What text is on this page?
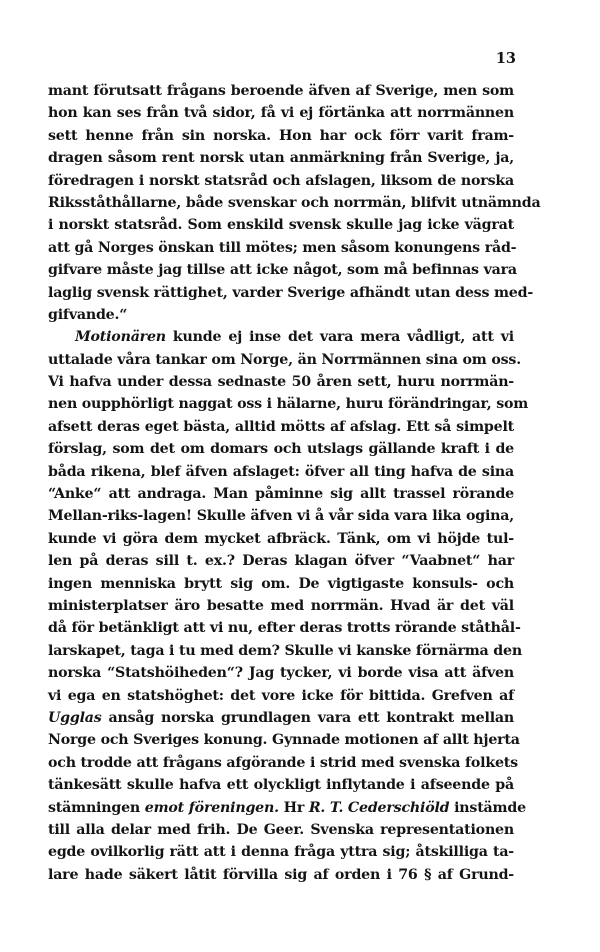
13
mant förutsatt frågans beroende äfven af Sverige, men som
hon kan ses från två sidor, få vi ej förtänka att norrmännen
sett henne från sin norska. Hon har ock förr varit fram-
dragen såsom rent norsk utan anmärkning från Sverige, ja,
föredragen i norskt statsråd och afslagen, liksom de norska
Riksståthållarne, både svenskar och norrmän, blifvit utnämnda
i norskt statsråd. Som enskild svensk skulle jag icke vägrat
att gå Norges önskan till mötes; men såsom konungens råd-
gifvare måste jag tillse att icke något, som må befinnas vara
laglig svensk rättighet, varder Sverige afhändt utan dess med-
gifvande.“
Motionären kunde ej inse det vara mera vådligt, att vi
uttalade våra tankar om Norge, än Norrmännen sina om oss.
Vi hafva under dessa sednaste 50 åren sett, huru norrmän-
nen oupphörligt naggat oss i hälarne, huru förändringar, som
afsett deras eget bästa, alltid mötts af afslag. Ett så simpelt
förslag, som det om domars och utslags gällande kraft i de
båda rikena, blef äfven afslaget: öfver all ting hafva de sina
“Anke“ att andraga. Man påminne sig allt trassel rörande
Mellan-riks-lagen! Skulle äfven vi å vår sida vara lika ogina,
kunde vi göra dem mycket afbräck. Tänk, om vi höjde tul-
len på deras sill t. ex.? Deras klagan öfver “Vaabnet“ har
ingen menniska brytt sig om. De vigtigaste konsuls- och
ministerplatser äro besatte med norrmän. Hvad är det väl
då för betänkligt att vi nu, efter deras trotts rörande ståthål-
larskapet, taga i tu med dem? Skulle vi kanske förnärma den
norska “Statshöiheden“? Jag tycker, vi borde visa att äfven
vi ega en statshöghet: det vore icke för bittida. Grefven af
Ugglas ansåg norska grundlagen vara ett kontrakt mellan
Norge och Sveriges konung. Gynnade motionen af allt hjerta
och trodde att frågans afgörande i strid med svenska folkets
tänkesätt skulle hafva ett olyckligt inflytande i afseende på
stämningen emot föreningen. Hr R. T. Cederschiöld instämde
till alla delar med frih. De Geer. Svenska representationen
egde ovilkorlig rätt att i denna fråga yttra sig; åtskilliga ta-
lare hade säkert låtit förvilla sig af orden i 76 § af Grund-
